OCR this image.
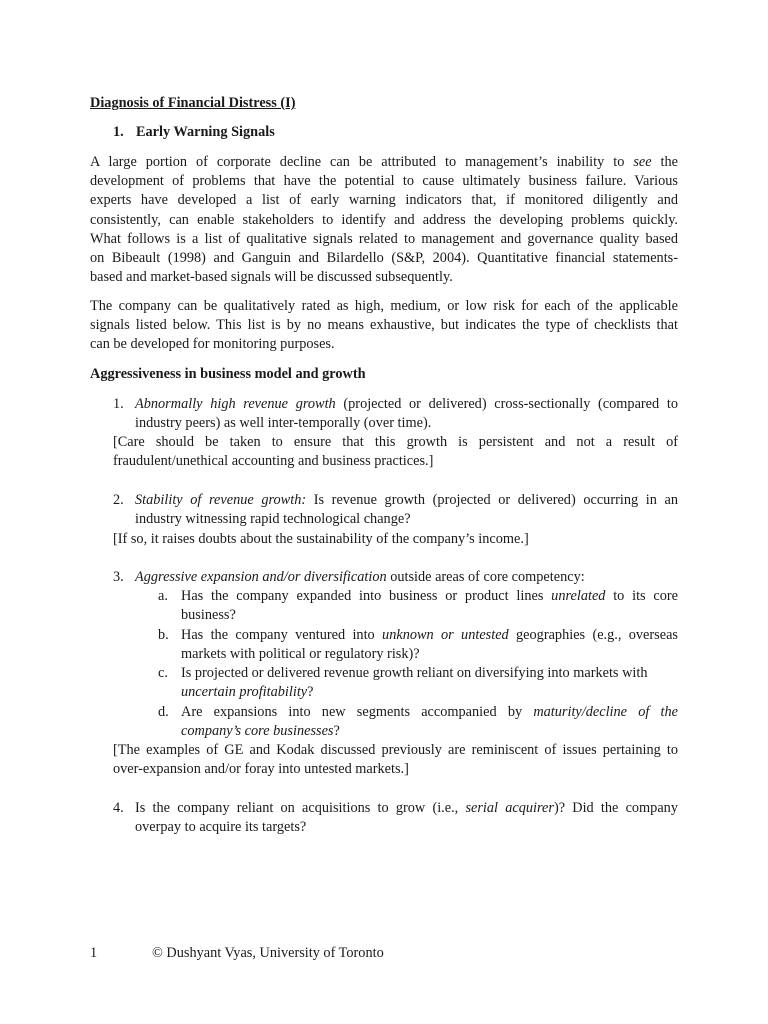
Diagnosis of Financial Distress (I)

1. Early Warning Signals

A large portion of corporate decline can be attributed to management’s inability to see the
development of problems that have the potential to cause ultimately business failure. Various
experts have developed a list of early warning indicators that, if monitored diligently and
consistently, can enable stakeholders to identify and address the developing problems quickly.
What follows is a list of qualitative signals related to management and governance quality based
on Bibeault (1998) and Ganguin and Bilardello (S&P, 2004). Quantitative financial statements-
based and market-based signals will be discussed subsequently.
The company can be qualitatively rated as high, medium, or low risk for each of the applicable
signals listed below. This list is by no means exhaustive, but indicates the type of checklists that
can be developed for monitoring purposes.

Aggressiveness in business model and growth

1. Abnormally high revenue growth (projected or delivered) cross-sectionally (compared to
industry peers) as well inter-temporally (over time).
[Care should be taken to ensure that this growth is persistent and not a result of
fraudulent/unethical accounting and business practices.]
2. Stability of revenue growth: Is revenue growth (projected or delivered) occurring in an
industry witnessing rapid technological change?

[If so, it raises doubts about the sustainability of the company’s income.]

3. Aggressive expansion and/or diversification outside areas of core competency:
a. Has the company expanded into business or product lines unrelated to its core
business?
b. Has the company ventured into unknown or untested geographies (e.g., overseas
markets with political or regulatory risk)?
c. Is projected or delivered revenue growth reliant on diversifying into markets with
uncertain profitability?
d. Are expansions into new segments accompanied by maturity/decline of the
company’s core businesses?
[The examples of GE and Kodak discussed previously are reminiscent of issues pertaining to
over-expansion and/or foray into untested markets.]
4. Is the company reliant on acquisitions to grow (i.e., serial acquirer)? Did the company
overpay to acquire its targets?
1	© Dushyant Vyas, University of Toronto
